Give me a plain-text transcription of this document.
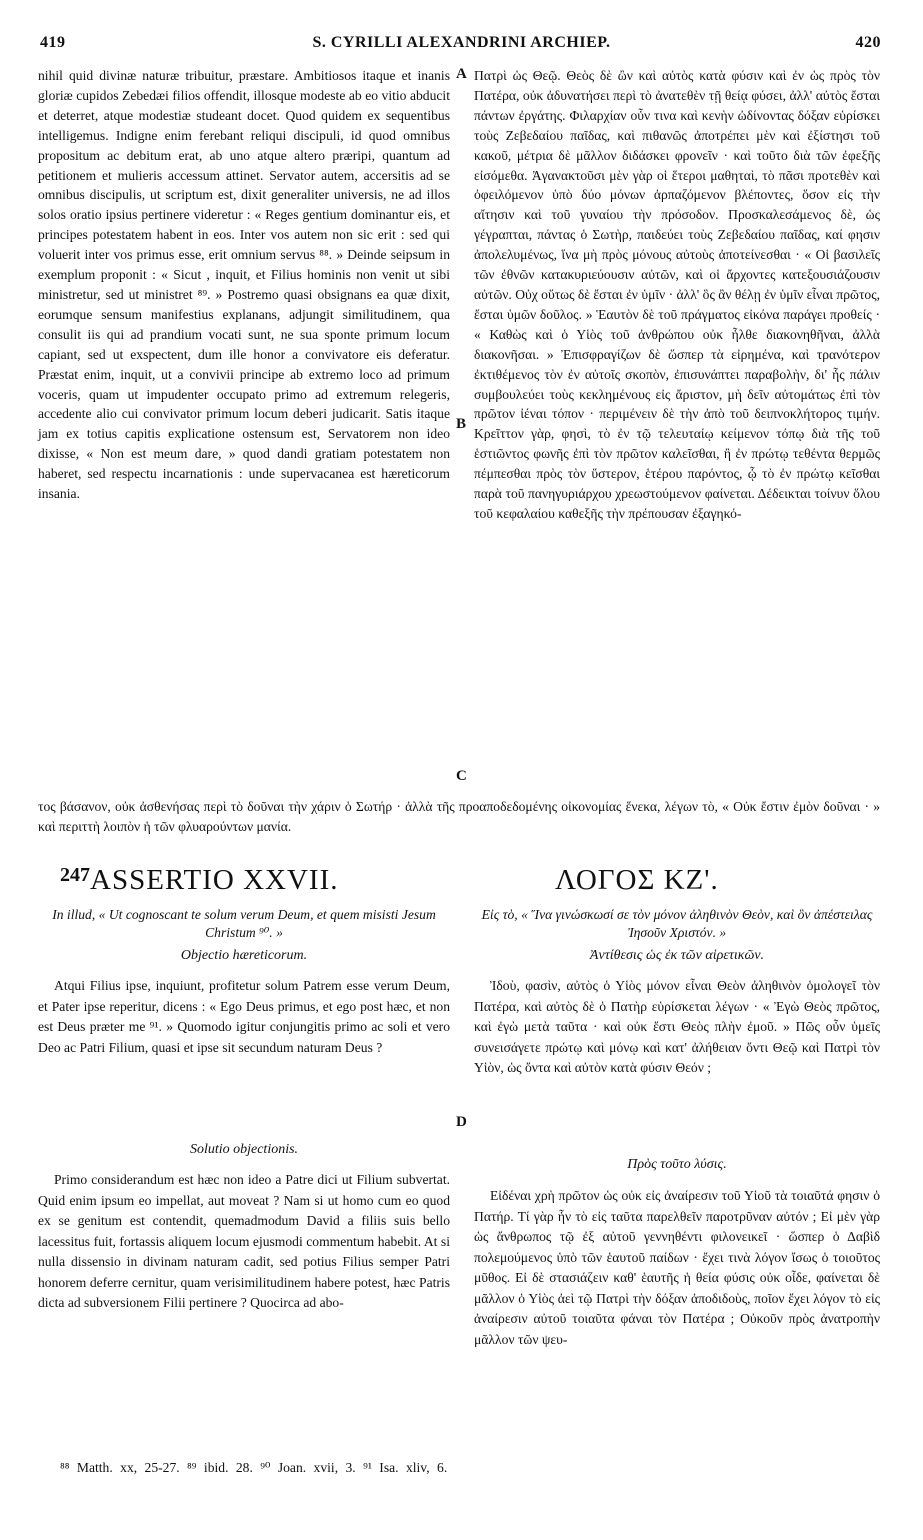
419	S. CYRILLI ALEXANDRINI ARCHIEP.	420

nihil quid divinæ naturæ tribuitur, præstare. Ambitiosos itaque et inanis gloriæ cupidos Zebedæi filios offendit, illosque modeste ab eo vitio abducit et deterret, atque modestiæ studeant docet. Quod quidem ex sequentibus intelligemus. Indigne enim ferebant reliqui discipuli, id quod omnibus propositum ac debitum erat, ab uno atque altero præripi, quantum ad petitionem et mulieris accessum attinet. Servator autem, accersitis ad se omnibus discipulis, ut scriptum est, dixit generaliter universis, ne ad illos solos oratio ipsius pertinere videretur : « Reges gentium dominantur eis, et principes potestatem habent in eos. Inter vos autem non sic erit : sed qui voluerit inter vos primus esse, erit omnium servus ⁸⁸. » Deinde seipsum in exemplum proponit : « Sicut , inquit, et Filius hominis non venit ut sibi ministretur, sed ut ministret ⁸⁹. » Postremo quasi obsignans ea quæ dixit, eorumque sensum manifestius explanans, adjungit similitudinem, qua consulit iis qui ad prandium vocati sunt, ne sua sponte primum locum capiant, sed ut exspectent, dum ille honor a convivatore eis deferatur. Præstat enim, inquit, ut a convivii principe ab extremo loco ad primum voceris, quam ut impudenter occupato primo ad extremum relegeris, accedente alio cui convivator primum locum deberi judicarit. Satis itaque jam ex totius capitis explicatione ostensum est, Servatorem non ideo dixisse, « Non est meum dare, » quod dandi gratiam potestatem non haberet, sed respectu incarnationis : unde supervacanea est hæreticorum insania.

Πατρὶ ὡς Θεῷ. Θεὸς δὲ ὢν καὶ αὐτὸς κατὰ φύσιν καὶ ἐν ὡς πρὸς τὸν Πατέρα, οὐκ ἀδυνατήσει περὶ τὸ ἀνατεθὲν τῇ θείᾳ φύσει, ἀλλ' αὐτὸς ἔσται πάντων ἐργάτης. Φιλαρχίαν οὖν τινα καὶ κενὴν ὠδίνοντας δόξαν εὑρίσκει τοὺς Ζεβεδαίου παῖδας, καὶ πιθανῶς ἀποτρέπει μὲν καὶ ἐξίστησι τοῦ κακοῦ, μέτρια δὲ μᾶλλον διδάσκει φρονεῖν · καὶ τοῦτο διὰ τῶν ἐφεξῆς εἰσόμεθα. Ἀγανακτοῦσι μὲν γὰρ οἱ ἕτεροι μαθηταὶ, τὸ πᾶσι προτεθὲν καὶ ὀφειλόμενον ὑπὸ δύο μόνων ἀρπαζόμενον βλέποντες, ὅσον εἰς τὴν αἴτησιν καὶ τοῦ γυναίου τὴν πρόσοδον. Προσκαλεσάμενος δὲ, ὡς γέγραπται, πάντας ὁ Σωτὴρ, παιδεύει τοὺς Ζεβεδαίου παῖδας, καί φησιν ἀπολελυμένως, ἵνα μὴ πρὸς μόνους αὐτοὺς ἀποτείνεσθαι · « Οἱ βασιλεῖς τῶν ἐθνῶν κατακυριεύουσιν αὐτῶν, καὶ οἱ ἄρχοντες κατεξουσιάζουσιν αὐτῶν. Οὐχ οὕτως δὲ ἔσται ἐν ὑμῖν · ἀλλ' ὃς ἂν θέλῃ ἐν ὑμῖν εἶναι πρῶτος, ἔσται ὑμῶν δοῦλος. » Ἑαυτὸν δὲ τοῦ πράγματος εἰκόνα παράγει προθείς · « Καθὼς καὶ ὁ Υἱὸς τοῦ ἀνθρώπου οὐκ ἦλθε διακονηθῆναι, ἀλλὰ διακονῆσαι. » Ἐπισφραγίζων δὲ ὥσπερ τὰ εἰρημένα, καὶ τρανότερον ἐκτιθέμενος τὸν ἐν αὐτοῖς σκοπὸν, ἐπισυνάπτει παραβολὴν, δι' ἧς πάλιν συμβουλεύει τοὺς κεκλημένους εἰς ἄριστον, μὴ δεῖν αὐτομάτως ἐπὶ τὸν πρῶτον ἰέναι τόπον · περιμένειν δὲ τὴν ἀπὸ τοῦ δειπνοκλήτορος τιμήν. Κρεῖττον γὰρ, φησὶ, τὸ ἐν τῷ τελευταίῳ κείμενον τόπῳ διὰ τῆς τοῦ ἑστιῶντος φωνῆς ἐπὶ τὸν πρῶτον καλεῖσθαι, ἢ ἐν πρώτῳ τεθέντα θερμῶς πέμπεσθαι πρὸς τὸν ὕστερον, ἑτέρου παρόντος, ᾧ τὸ ἐν πρώτῳ κεῖσθαι παρὰ τοῦ πανηγυριάρχου χρεωστούμενον φαίνεται. Δέδεικται τοίνυν ὅλου τοῦ κεφαλαίου καθεξῆς τὴν πρέπουσαν ἐξαγηκό-

A
B
C
D
τος βάσανον, οὐκ ἀσθενήσας περὶ τὸ δοῦναι τὴν χάριν ὁ Σωτήρ · ἀλλὰ τῆς προαποδεδομένης οἰκονομίας ἕνεκα, λέγων τὸ, « Οὐκ ἔστιν ἐμὸν δοῦναι · » καὶ περιττὴ λοιπὸν ἡ τῶν φλυαρούντων μανία.
$^{247}$ASSERTIO XXVII.	ΛΟΓΟΣ ΚΖ'.
In illud, « Ut cognoscant te solum verum Deum, et quem misisti Jesum Christum ⁹⁰. »
Εἰς τὸ, « Ἵνα γινώσκωσί σε τὸν μόνον ἀληθινὸν Θεὸν, καὶ ὃν ἀπέστειλας Ἰησοῦν Χριστόν. »
Objectio hæreticorum.	Ἀντίθεσις ὡς ἐκ τῶν αἱρετικῶν.

Atqui Filius ipse, inquiunt, profitetur solum Patrem esse verum Deum, et Pater ipse reperitur, dicens : « Ego Deus primus, et ego post hæc, et non est Deus præter me ⁹¹. » Quomodo igitur conjungitis primo ac soli et vero Deo ac Patri Filium, quasi et ipse sit secundum naturam Deus ?

Ἰδοὺ, φασὶν, αὐτὸς ὁ Υἱὸς μόνον εἶναι Θεὸν ἀληθινὸν ὁμολογεῖ τὸν Πατέρα, καὶ αὐτὸς δὲ ὁ Πατὴρ εὑρίσκεται λέγων · « Ἐγὼ Θεὸς πρῶτος, καὶ ἐγὼ μετὰ ταῦτα · καὶ οὐκ ἔστι Θεὸς πλὴν ἐμοῦ. » Πῶς οὖν ὑμεῖς συνεισάγετε πρώτῳ καὶ μόνῳ καὶ κατ' ἀλήθειαν ὄντι Θεῷ καὶ Πατρὶ τὸν Υἱὸν, ὡς ὄντα καὶ αὐτὸν κατὰ φύσιν Θεόν ;

Solutio objectionis.
Πρὸς τοῦτο λύσις.

Primo considerandum est hæc non ideo a Patre dici ut Filium subvertat. Quid enim ipsum eo impellat, aut moveat ? Nam si ut homo cum eo quod ex se genitum est contendit, quemadmodum David a filiis suis bello lacessitus fuit, fortassis aliquem locum ejusmodi commentum habebit. At si nulla dissensio in divinam naturam cadit, sed potius Filius semper Patri honorem deferre cernitur, quam verisimilitudinem habere potest, hæc Patris dicta ad subversionem Filii pertinere ? Quocirca ad abo-

Εἰδέναι χρὴ πρῶτον ὡς οὐκ εἰς ἀναίρεσιν τοῦ Υἱοῦ τὰ τοιαῦτά φησιν ὁ Πατήρ. Τί γὰρ ἦν τὸ εἰς ταῦτα παρελθεῖν παροτρῦναν αὐτόν ; Εἰ μὲν γὰρ ὡς ἄνθρωπος τῷ ἐξ αὐτοῦ γεννηθέντι φιλονεικεῖ · ὥσπερ ὁ Δαβὶδ πολεμούμενος ὑπὸ τῶν ἑαυτοῦ παίδων · ἔχει τινὰ λόγον ἴσως ὁ τοιοῦτος μῦθος. Εἰ δὲ στασιάζειν καθ' ἑαυτῆς ἡ θεία φύσις οὐκ οἶδε, φαίνεται δὲ μᾶλλον ὁ Υἱὸς ἀεὶ τῷ Πατρὶ τὴν δόξαν ἀποδιδοὺς, ποῖον ἔχει λόγον τὸ εἰς ἀναίρεσιν αὐτοῦ τοιαῦτα φάναι τὸν Πατέρα ; Οὐκοῦν πρὸς ἀνατροπὴν μᾶλλον τῶν ψευ-

⁸⁸ Matth. xx, 25-27. ⁸⁹ ibid. 28. ⁹⁰ Joan. xvii, 3. ⁹¹ Isa. xliv, 6.
